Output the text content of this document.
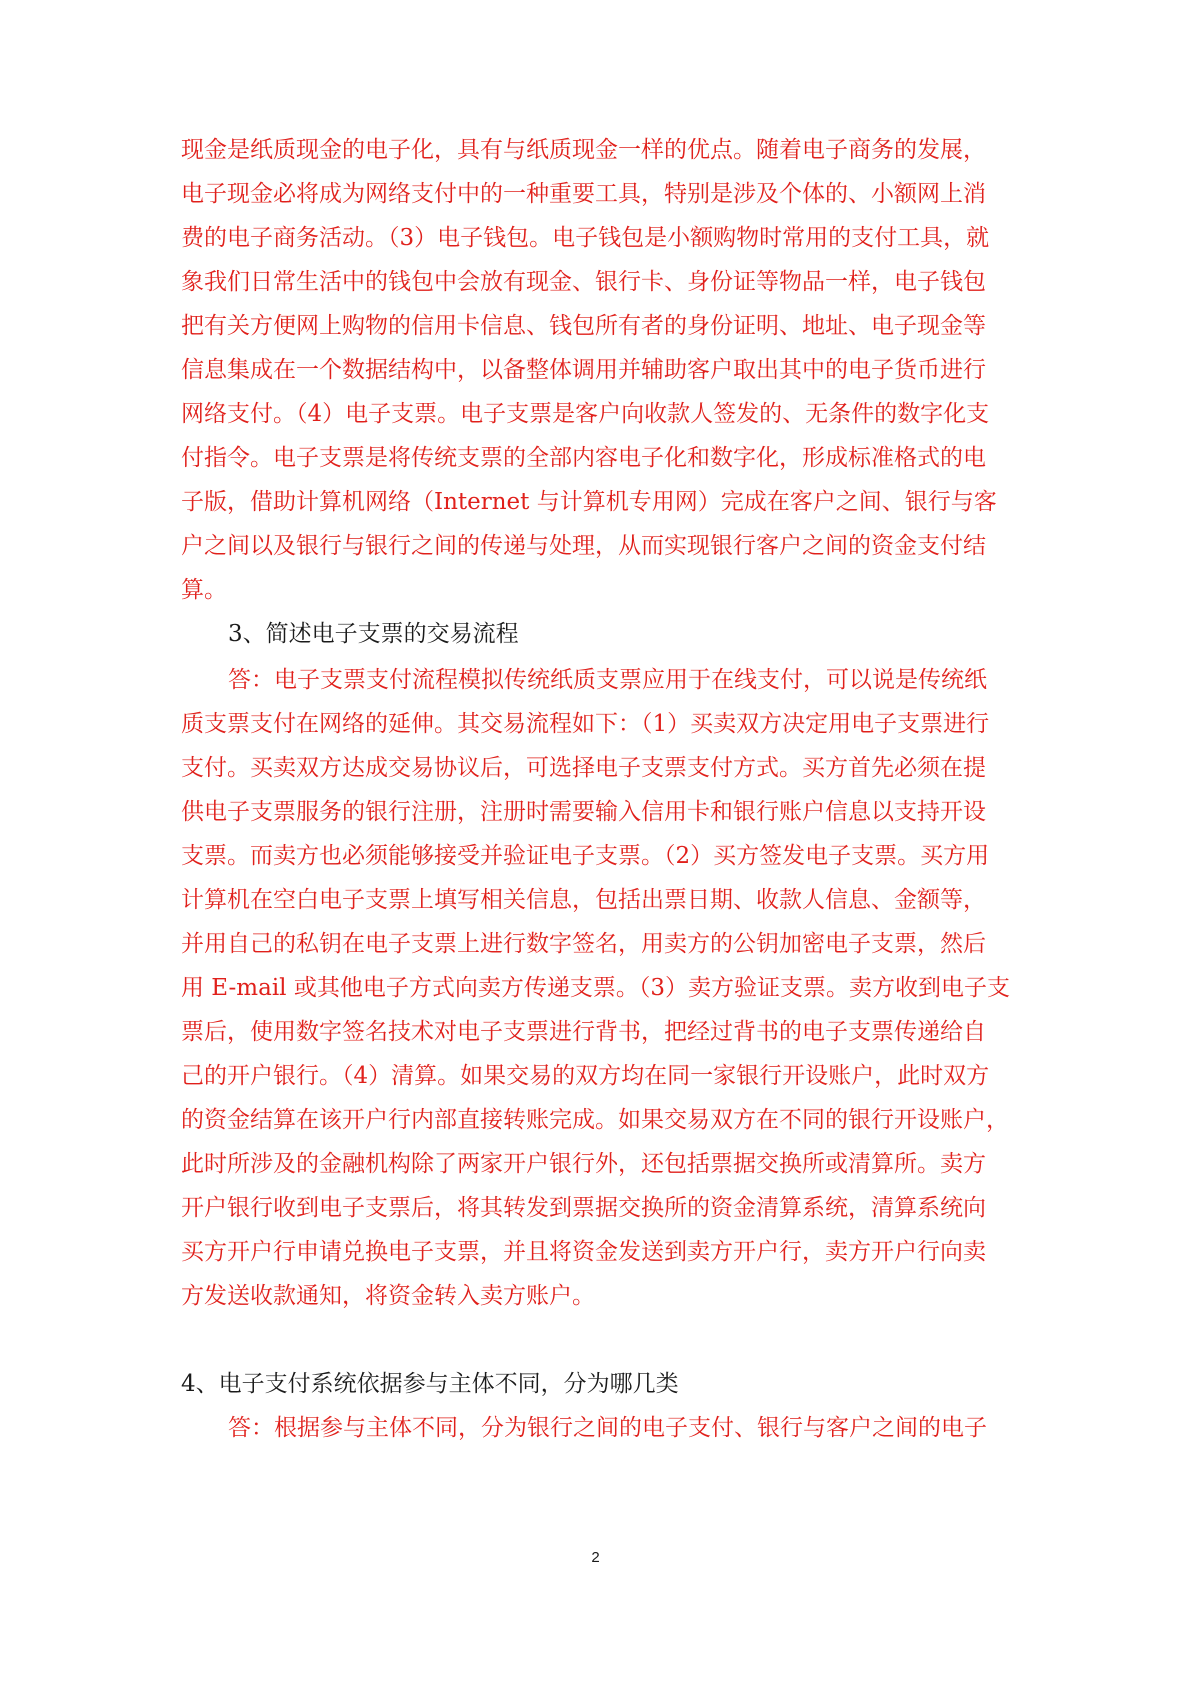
现金是纸质现金的电子化，具有与纸质现金一样的优点。随着电子商务的发展，
电子现金必将成为网络支付中的一种重要工具，特别是涉及个体的、小额网上消
费的电子商务活动。（3）电子钱包。电子钱包是小额购物时常用的支付工具，就
象我们日常生活中的钱包中会放有现金、银行卡、身份证等物品一样，电子钱包
把有关方便网上购物的信用卡信息、钱包所有者的身份证明、地址、电子现金等
信息集成在一个数据结构中，以备整体调用并辅助客户取出其中的电子货币进行
网络支付。（4）电子支票。电子支票是客户向收款人签发的、无条件的数字化支
付指令。电子支票是将传统支票的全部内容电子化和数字化，形成标准格式的电
子版，借助计算机网络（Internet 与计算机专用网）完成在客户之间、银行与客
户之间以及银行与银行之间的传递与处理，从而实现银行客户之间的资金支付结
算。
3、简述电子支票的交易流程
答：电子支票支付流程模拟传统纸质支票应用于在线支付，可以说是传统纸
质支票支付在网络的延伸。其交易流程如下：（1）买卖双方决定用电子支票进行
支付。买卖双方达成交易协议后，可选择电子支票支付方式。买方首先必须在提
供电子支票服务的银行注册，注册时需要输入信用卡和银行账户信息以支持开设
支票。而卖方也必须能够接受并验证电子支票。（2）买方签发电子支票。买方用
计算机在空白电子支票上填写相关信息，包括出票日期、收款人信息、金额等，
并用自己的私钥在电子支票上进行数字签名，用卖方的公钥加密电子支票，然后
用 E-mail 或其他电子方式向卖方传递支票。（3）卖方验证支票。卖方收到电子支
票后，使用数字签名技术对电子支票进行背书，把经过背书的电子支票传递给自
己的开户银行。（4）清算。如果交易的双方均在同一家银行开设账户，此时双方
的资金结算在该开户行内部直接转账完成。如果交易双方在不同的银行开设账户，
此时所涉及的金融机构除了两家开户银行外，还包括票据交换所或清算所。卖方
开户银行收到电子支票后，将其转发到票据交换所的资金清算系统，清算系统向
买方开户行申请兑换电子支票，并且将资金发送到卖方开户行，卖方开户行向卖
方发送收款通知，将资金转入卖方账户。
4、电子支付系统依据参与主体不同，分为哪几类
答：根据参与主体不同，分为银行之间的电子支付、银行与客户之间的电子
2
